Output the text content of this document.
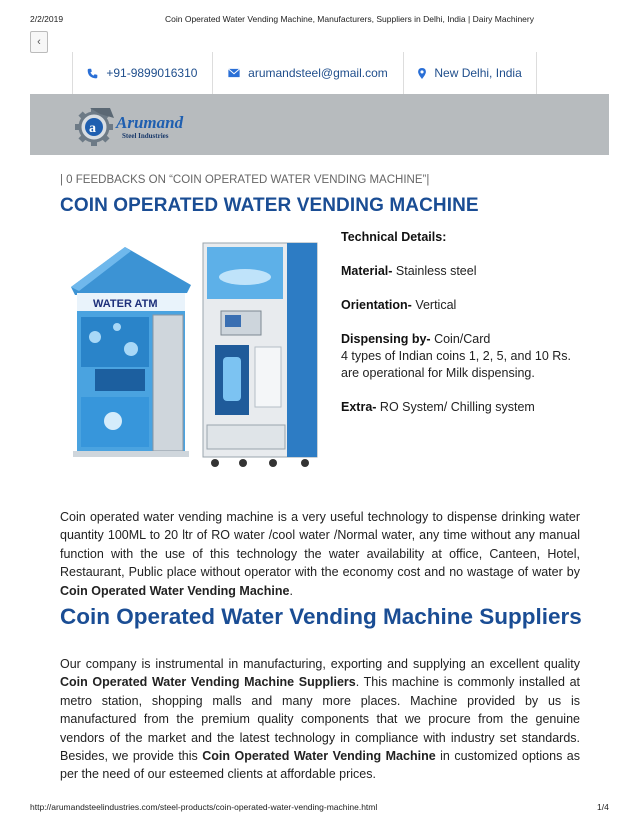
2/2/2019	Coin Operated Water Vending Machine, Manufacturers, Suppliers in Delhi, India | Dairy Machinery
‹
+91-9899016310	arumandsteel@gmail.com	New Delhi, India
a Arumand
Steel Industries
| 0 FEEDBACKS ON “COIN OPERATED WATER VENDING MACHINE”|
COIN OPERATED WATER VENDING MACHINE
WATER ATM

Technical Details:

Material- Stainless steel

Orientation- Vertical

Dispensing by- Coin/Card
4 types of Indian coins 1, 2, 5, and 10 Rs.
are operational for Milk dispensing.

Extra- RO System/ Chilling system

Coin operated water vending machine is a very useful technology to dispense drinking water quantity 100ML to 20 ltr of RO water /cool water /Normal water, any time without any manual function with the use of this technology the water availability at office, Canteen, Hotel, Restaurant, Public place without operator with the economy cost and no wastage of water by Coin Operated Water Vending Machine.
Coin Operated Water Vending Machine Suppliers
Our company is instrumental in manufacturing, exporting and supplying an excellent quality Coin Operated Water Vending Machine Suppliers. This machine is commonly installed at metro station, shopping malls and many more places. Machine provided by us is manufactured from the premium quality components that we procure from the genuine vendors of the market and the latest technology in compliance with industry set standards. Besides, we provide this Coin Operated Water Vending Machine in customized options as per the need of our esteemed clients at affordable prices.
http://arumandsteelindustries.com/steel-products/coin-operated-water-vending-machine.html	1/4
